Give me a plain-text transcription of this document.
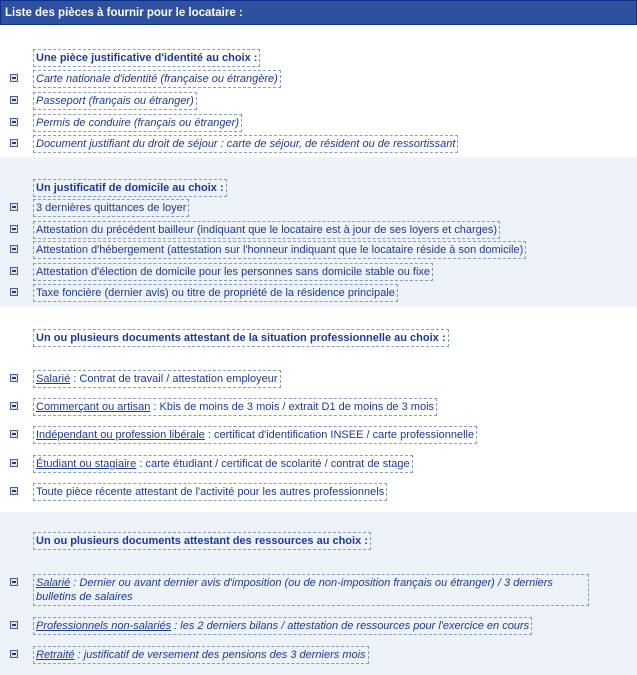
Liste des pièces à fournir pour le locataire :
Une pièce justificative d'identité au choix :
Carte nationale d'identité (française ou étrangère)
Passeport (français ou étranger)
Permis de conduire (français ou étranger)
Document justifiant du droit de séjour : carte de séjour, de résident ou de ressortissant
Un justificatif de domicile au choix :
3 dernières quittances de loyer
Attestation du précédent bailleur (indiquant que le locataire est à jour de ses loyers et charges)
Attestation d'hébergement (attestation sur l'honneur indiquant que le locataire réside à son domicile)
Attestation d'élection de domicile pour les personnes sans domicile stable ou fixe
Taxe foncière (dernier avis) ou titre de propriété de la résidence principale
Un ou plusieurs documents attestant de la situation professionnelle au choix :
Salarié : Contrat de travail / attestation employeur
Commerçant ou artisan : Kbis de moins de 3 mois / extrait D1 de moins de 3 mois
Indépendant ou profession libérale : certificat d'identification INSEE / carte professionnelle
Étudiant ou stagiaire : carte étudiant / certificat de scolarité / contrat de stage
Toute pièce récente attestant de l'activité pour les autres professionnels
Un ou plusieurs documents attestant des ressources au choix :
Salarié : Dernier ou avant dernier avis d'imposition (ou de non-imposition français ou étranger) / 3 derniers bulletins de salaires
Professionnels non-salariés : les 2 derniers bilans / attestation de ressources pour l'exercice en cours
Retraité : justificatif de versement des pensions des 3 derniers mois
